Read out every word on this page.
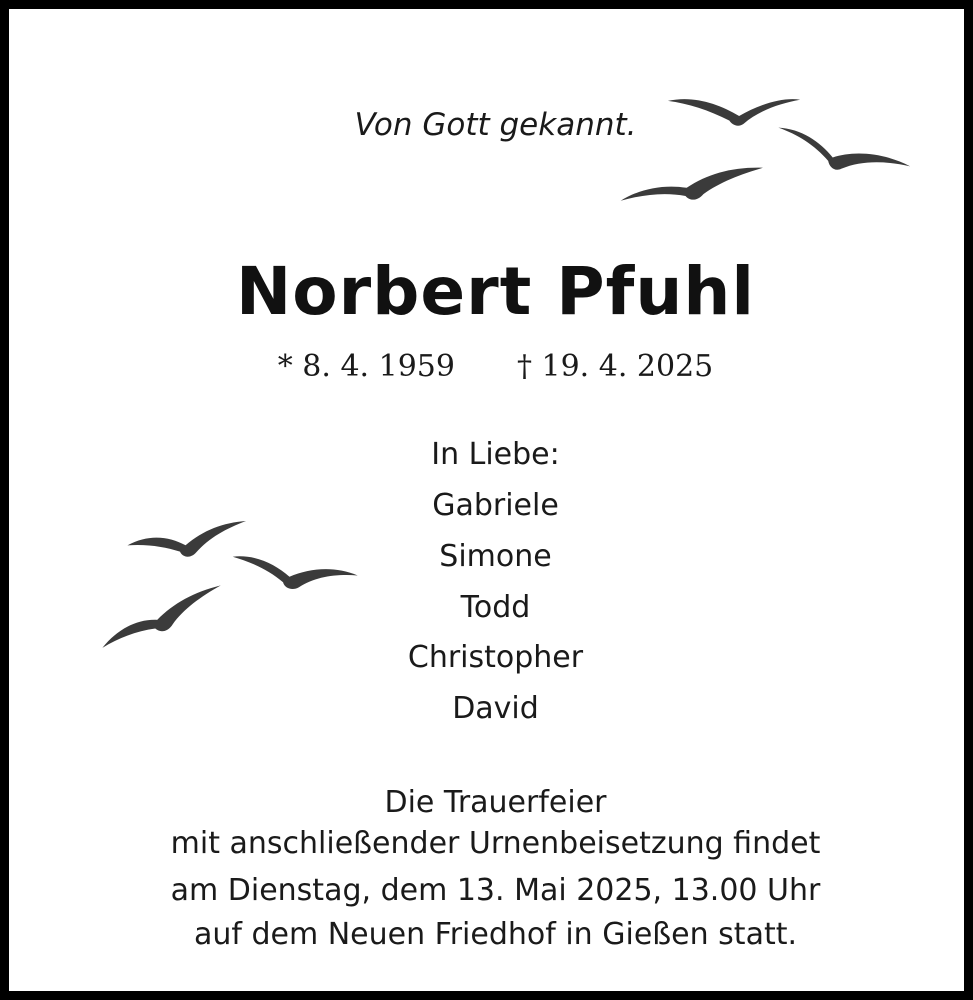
Von Gott gekannt.
Norbert Pfuhl
* 8. 4. 1959 † 19. 4. 2025
In Liebe:
Gabriele
Simone
Todd
Christopher
David
Die Trauerfeier
mit anschließender Urnenbeisetzung findet
am Dienstag, dem 13. Mai 2025, 13.00 Uhr
auf dem Neuen Friedhof in Gießen statt.
